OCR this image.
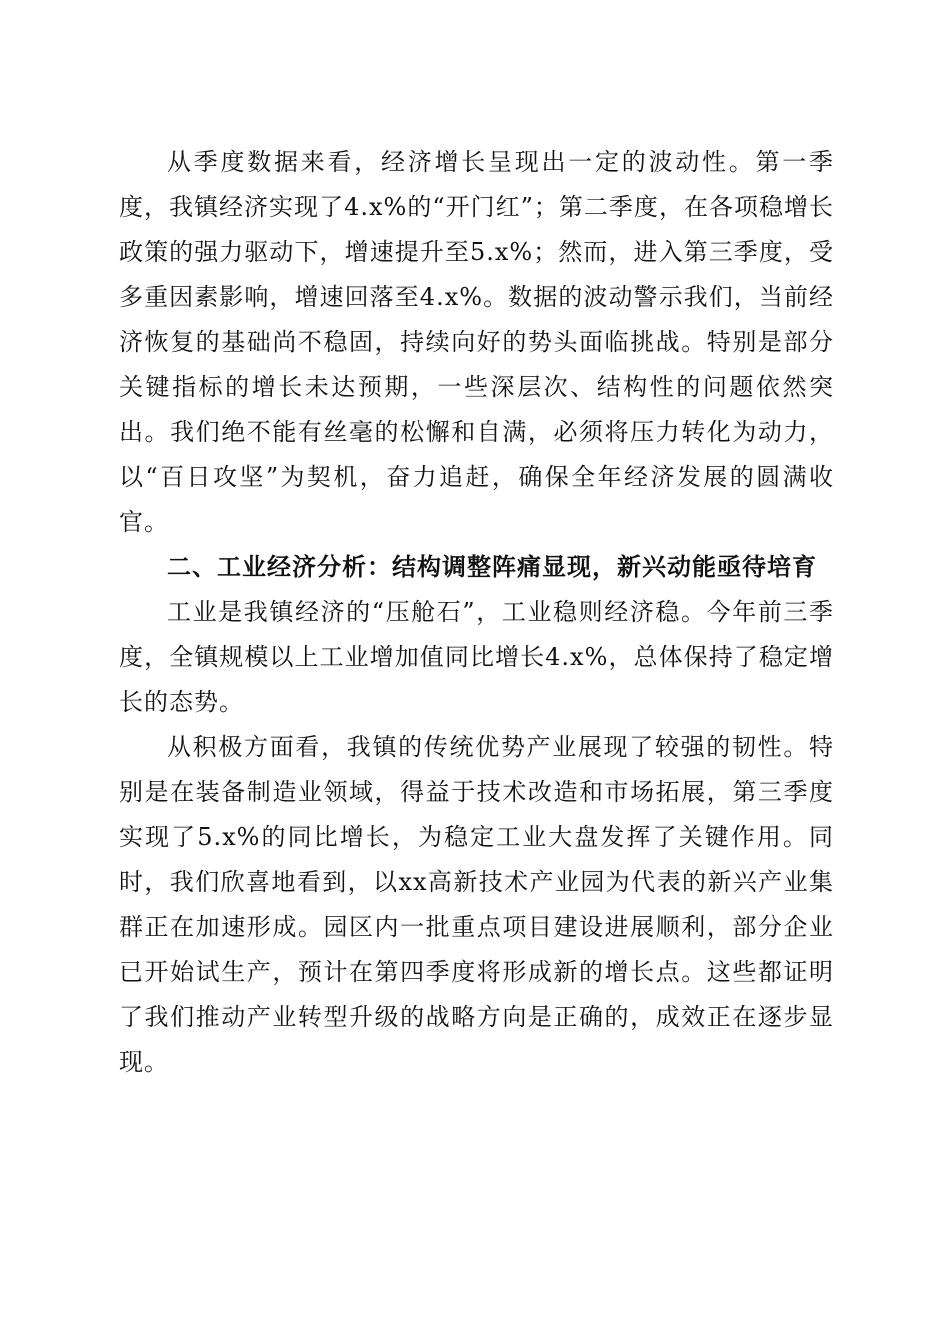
从季度数据来看，经济增长呈现出一定的波动性。第一季度，我镇经济实现了4.x%的“开门红”；第二季度，在各项稳增长政策的强力驱动下，增速提升至5.x%；然而，进入第三季度，受多重因素影响，增速回落至4.x%。数据的波动警示我们，当前经济恢复的基础尚不稳固，持续向好的势头面临挑战。特别是部分关键指标的增长未达预期，一些深层次、结构性的问题依然突出。我们绝不能有丝毫的松懈和自满，必须将压力转化为动力，以“百日攻坚”为契机，奋力追赶，确保全年经济发展的圆满收官。

二、工业经济分析：结构调整阵痛显现，新兴动能亟待培育

工业是我镇经济的“压舱石”，工业稳则经济稳。今年前三季度，全镇规模以上工业增加值同比增长4.x%，总体保持了稳定增长的态势。

从积极方面看，我镇的传统优势产业展现了较强的韧性。特别是在装备制造业领域，得益于技术改造和市场拓展，第三季度实现了5.x%的同比增长，为稳定工业大盘发挥了关键作用。同时，我们欣喜地看到，以xx高新技术产业园为代表的新兴产业集群正在加速形成。园区内一批重点项目建设进展顺利，部分企业已开始试生产，预计在第四季度将形成新的增长点。这些都证明了我们推动产业转型升级的战略方向是正确的，成效正在逐步显现。
